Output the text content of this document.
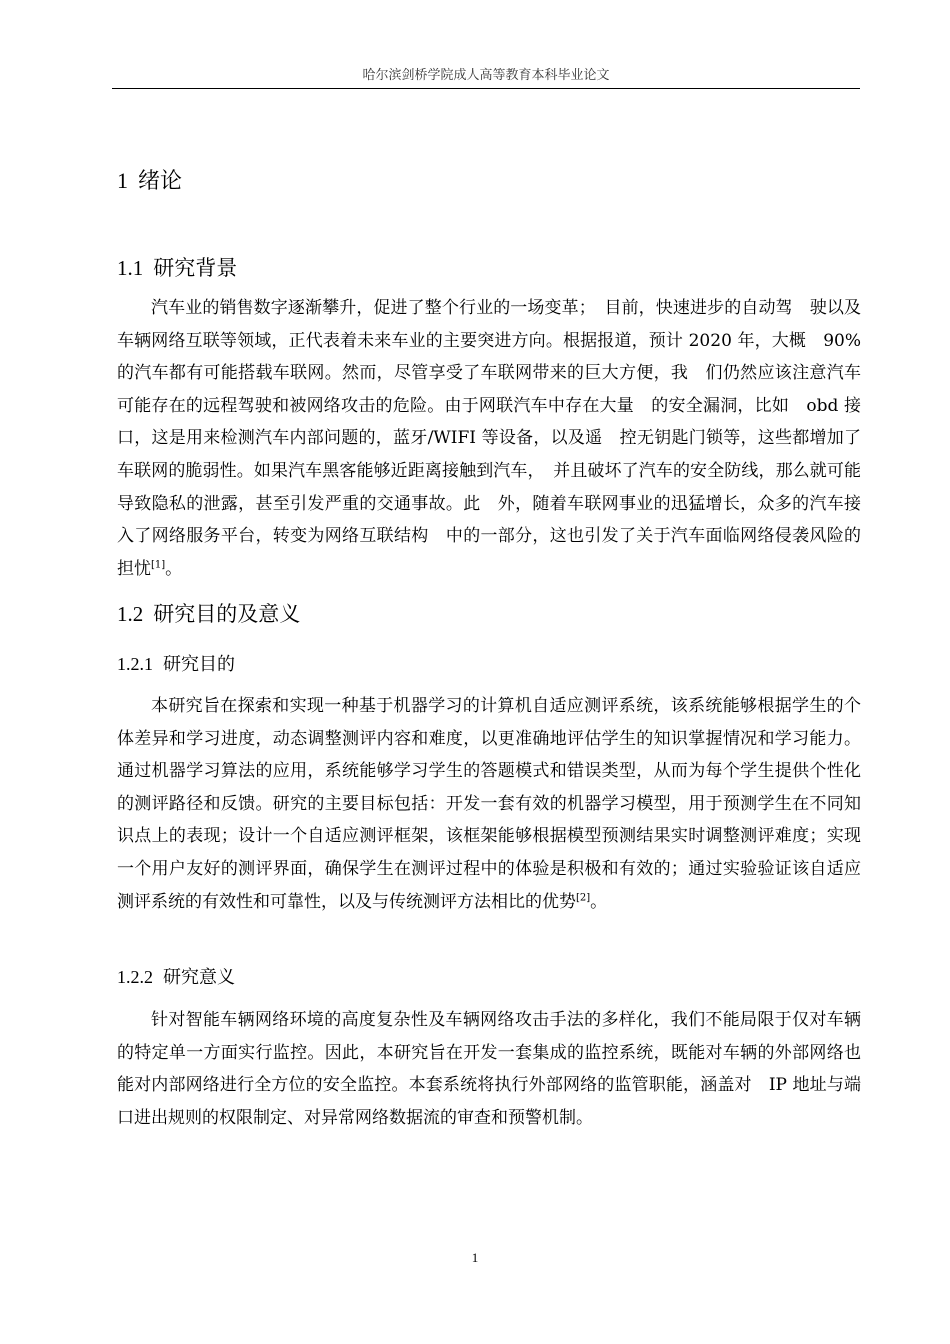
哈尔滨剑桥学院成人高等教育本科毕业论文
1 绪论
1.1 研究背景

汽车业的销售数字逐渐攀升，促进了整个行业的一场变革；　目前，快速进步的自动驾　驶以及车辆网络互联等领域，正代表着未来车业的主要突进方向。根据报道，预计 2020 年，大概　90%的汽车都有可能搭载车联网。然而，尽管享受了车联网带来的巨大方便，我　们仍然应该注意汽车可能存在的远程驾驶和被网络攻击的危险。由于网联汽车中存在大量　的安全漏洞，比如　obd 接口，这是用来检测汽车内部问题的，蓝牙/WIFI 等设备，以及遥　控无钥匙门锁等，这些都增加了车联网的脆弱性。如果汽车黑客能够近距离接触到汽车，　并且破坏了汽车的安全防线，那么就可能导致隐私的泄露，甚至引发严重的交通事故。此　外，随着车联网事业的迅猛增长，众多的汽车接入了网络服务平台，转变为网络互联结构　中的一部分，这也引发了关于汽车面临网络侵袭风险的担忧[1]。

1.2 研究目的及意义
1.2.1 研究目的

本研究旨在探索和实现一种基于机器学习的计算机自适应测评系统，该系统能够根据学生的个体差异和学习进度，动态调整测评内容和难度，以更准确地评估学生的知识掌握情况和学习能力。通过机器学习算法的应用，系统能够学习学生的答题模式和错误类型，从而为每个学生提供个性化的测评路径和反馈。研究的主要目标包括：开发一套有效的机器学习模型，用于预测学生在不同知识点上的表现；设计一个自适应测评框架，该框架能够根据模型预测结果实时调整测评难度；实现一个用户友好的测评界面，确保学生在测评过程中的体验是积极和有效的；通过实验验证该自适应测评系统的有效性和可靠性，以及与传统测评方法相比的优势[2]。

1.2.2 研究意义

针对智能车辆网络环境的高度复杂性及车辆网络攻击手法的多样化，我们不能局限于仅对车辆的特定单一方面实行监控。因此，本研究旨在开发一套集成的监控系统，既能对车辆的外部网络也能对内部网络进行全方位的安全监控。本套系统将执行外部网络的监管职能，涵盖对　IP 地址与端口进出规则的权限制定、对异常网络数据流的审查和预警机制。

1
